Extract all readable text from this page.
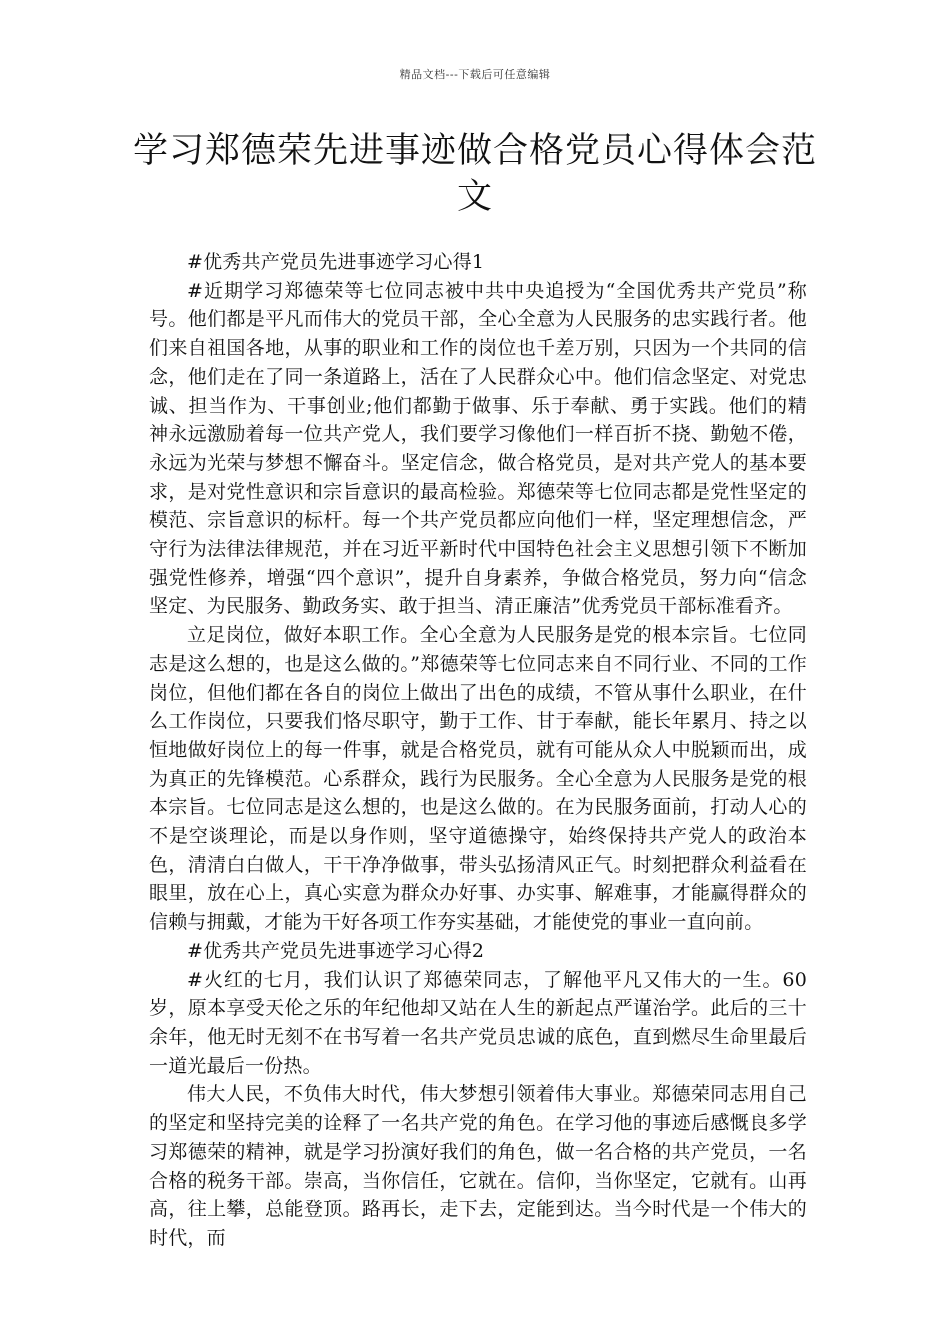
精品文档---下载后可任意编辑
学习郑德荣先进事迹做合格党员心得体会范文

#优秀共产党员先进事迹学习心得1

#近期学习郑德荣等七位同志被中共中央追授为“全国优秀共产党员”称号。他们都是平凡而伟大的党员干部，全心全意为人民服务的忠实践行者。他们来自祖国各地，从事的职业和工作的岗位也千差万别，只因为一个共同的信念，他们走在了同一条道路上，活在了人民群众心中。他们信念坚定、对党忠诚、担当作为、干事创业;他们都勤于做事、乐于奉献、勇于实践。他们的精神永远激励着每一位共产党人，我们要学习像他们一样百折不挠、勤勉不倦，永远为光荣与梦想不懈奋斗。坚定信念，做合格党员，是对共产党人的基本要求，是对党性意识和宗旨意识的最高检验。郑德荣等七位同志都是党性坚定的模范、宗旨意识的标杆。每一个共产党员都应向他们一样，坚定理想信念，严守行为法律法律规范，并在习近平新时代中国特色社会主义思想引领下不断加强党性修养，增强“四个意识”，提升自身素养，争做合格党员，努力向“信念坚定、为民服务、勤政务实、敢于担当、清正廉洁”优秀党员干部标准看齐。

立足岗位，做好本职工作。全心全意为人民服务是党的根本宗旨。七位同志是这么想的，也是这么做的。”郑德荣等七位同志来自不同行业、不同的工作岗位，但他们都在各自的岗位上做出了出色的成绩，不管从事什么职业，在什么工作岗位，只要我们恪尽职守，勤于工作、甘于奉献，能长年累月、持之以恒地做好岗位上的每一件事，就是合格党员，就有可能从众人中脱颖而出，成为真正的先锋模范。心系群众，践行为民服务。全心全意为人民服务是党的根本宗旨。七位同志是这么想的，也是这么做的。在为民服务面前，打动人心的不是空谈理论，而是以身作则，坚守道德操守，始终保持共产党人的政治本色，清清白白做人，干干净净做事，带头弘扬清风正气。时刻把群众利益看在眼里，放在心上，真心实意为群众办好事、办实事、解难事，才能赢得群众的信赖与拥戴，才能为干好各项工作夯实基础，才能使党的事业一直向前。

#优秀共产党员先进事迹学习心得2

#火红的七月，我们认识了郑德荣同志，了解他平凡又伟大的一生。60岁，原本享受天伦之乐的年纪他却又站在人生的新起点严谨治学。此后的三十余年，他无时无刻不在书写着一名共产党员忠诚的底色，直到燃尽生命里最后一道光最后一份热。

伟大人民，不负伟大时代，伟大梦想引领着伟大事业。郑德荣同志用自己的坚定和坚持完美的诠释了一名共产党的角色。在学习他的事迹后感慨良多学习郑德荣的精神，就是学习扮演好我们的角色，做一名合格的共产党员，一名合格的税务干部。崇高，当你信任，它就在。信仰，当你坚定，它就有。山再高，往上攀，总能登顶。路再长，走下去，定能到达。当今时代是一个伟大的时代，而
